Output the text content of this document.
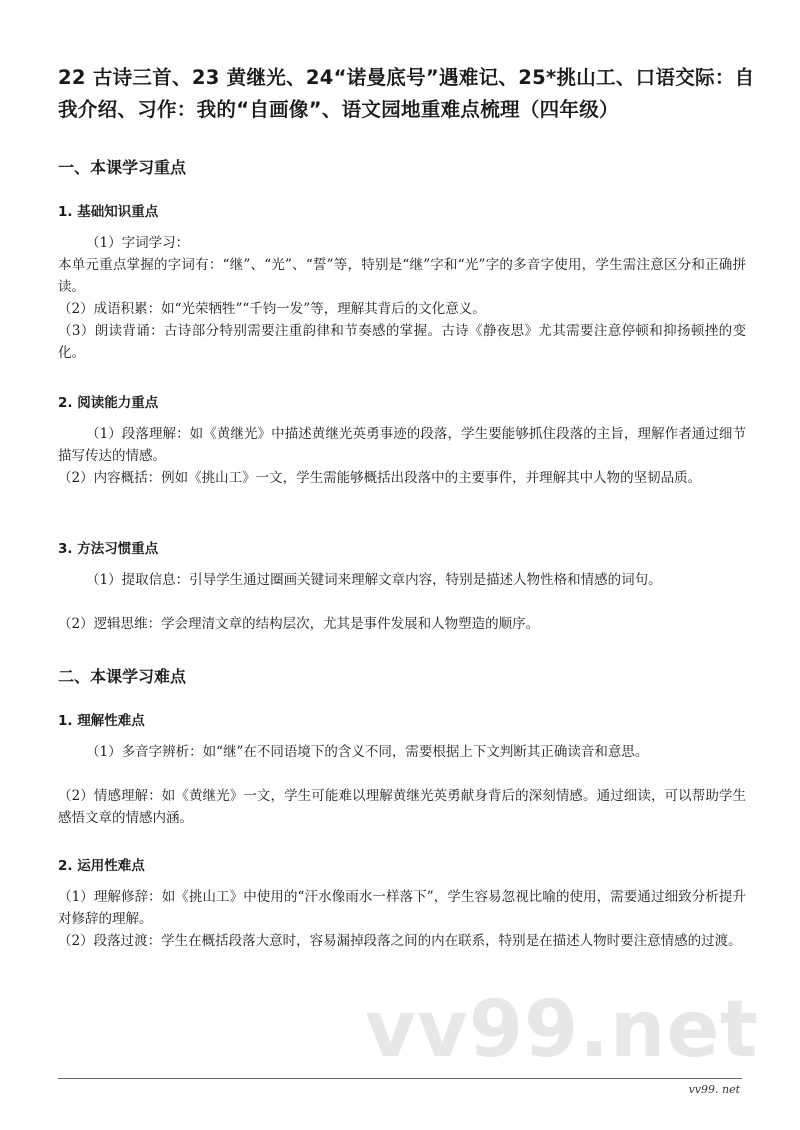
22 古诗三首、23 黄继光、24“诺曼底号”遇难记、25*挑山工、口语交际：自我介绍、习作：我的“自画像”、语文园地重难点梳理（四年级）
一、本课学习重点
1. 基础知识重点
（1）字词学习：
本单元重点掌握的字词有：“继”、“光”、“誓”等，特别是“继”字和“光”字的多音字使用，学生需注意区分和正确拼读。
（2）成语积累：如“光荣牺牲”“千钧一发”等，理解其背后的文化意义。
（3）朗读背诵：古诗部分特别需要注重韵律和节奏感的掌握。古诗《静夜思》尤其需要注意停顿和抑扬顿挫的变化。
2. 阅读能力重点
（1）段落理解：如《黄继光》中描述黄继光英勇事迹的段落，学生要能够抓住段落的主旨，理解作者通过细节描写传达的情感。
（2）内容概括：例如《挑山工》一文，学生需能够概括出段落中的主要事件，并理解其中人物的坚韧品质。
3. 方法习惯重点
（1）提取信息：引导学生通过圈画关键词来理解文章内容，特别是描述人物性格和情感的词句。
（2）逻辑思维：学会理清文章的结构层次，尤其是事件发展和人物塑造的顺序。
二、本课学习难点
1. 理解性难点
（1）多音字辨析：如“继”在不同语境下的含义不同，需要根据上下文判断其正确读音和意思。
（2）情感理解：如《黄继光》一文，学生可能难以理解黄继光英勇献身背后的深刻情感。通过细读，可以帮助学生感悟文章的情感内涵。
2. 运用性难点
（1）理解修辞：如《挑山工》中使用的“汗水像雨水一样落下”，学生容易忽视比喻的使用，需要通过细致分析提升对修辞的理解。
（2）段落过渡：学生在概括段落大意时，容易漏掉段落之间的内在联系，特别是在描述人物时要注意情感的过渡。
vv99.net
vv99. net
